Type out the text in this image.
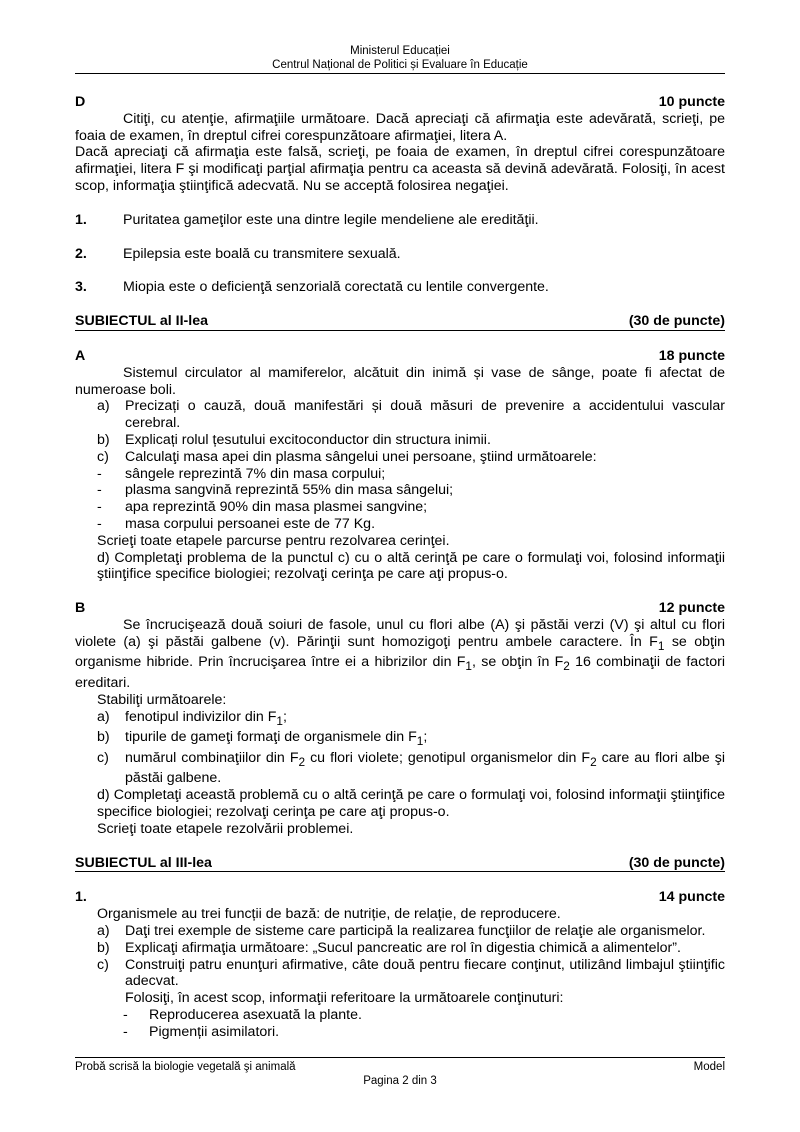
Ministerul Educației
Centrul Național de Politici și Evaluare în Educație
D	10 puncte

Citiţi, cu atenţie, afirmaţiile următoare. Dacă apreciaţi că afirmaţia este adevărată, scrieţi, pe foaia de examen, în dreptul cifrei corespunzătoare afirmaţiei, litera A.

Dacă apreciaţi că afirmaţia este falsă, scrieţi, pe foaia de examen, în dreptul cifrei corespunzătoare afirmaţiei, litera F şi modificaţi parţial afirmaţia pentru ca aceasta să devină adevărată. Folosiţi, în acest scop, informaţia ştiinţifică adecvată. Nu se acceptă folosirea negaţiei.

1.	Puritatea gameţilor este una dintre legile mendeliene ale eredităţii.
2.	Epilepsia este boală cu transmitere sexuală.
3.	Miopia este o deficienţă senzorială corectată cu lentile convergente.
SUBIECTUL al II-lea	(30 de puncte)
A	18 puncte

Sistemul circulator al mamiferelor, alcătuit din inimă și vase de sânge, poate fi afectat de numeroase boli.

a)	Precizați o cauză, două manifestări și două măsuri de prevenire a accidentului vascular cerebral.
b)	Explicați rolul țesutului excitoconductor din structura inimii.
c)	Calculaţi masa apei din plasma sângelui unei persoane, ştiind următoarele:
-	sângele reprezintă 7% din masa corpului;
-	plasma sangvină reprezintă 55% din masa sângelui;
-	apa reprezintă 90% din masa plasmei sangvine;
-	masa corpului persoanei este de 77 Kg.

Scrieţi toate etapele parcurse pentru rezolvarea cerinţei.

d) Completaţi problema de la punctul c) cu o altă cerinţă pe care o formulaţi voi, folosind informaţii ştiinţifice specifice biologiei; rezolvaţi cerinţa pe care aţi propus-o.

B	12 puncte

Se încrucişează două soiuri de fasole, unul cu flori albe (A) şi păstăi verzi (V) şi altul cu flori violete (a) şi păstăi galbene (v). Părinţii sunt homozigoţi pentru ambele caractere. În $F_1$ se obţin organisme hibride. Prin încrucişarea între ei a hibrizilor din $F_1$, se obţin în $F_2$ 16 combinaţii de factori ereditari.

Stabiliţi următoarele:

a)	fenotipul indivizilor din $F_1$;
b)	tipurile de gameţi formaţi de organismele din $F_1$;
c)	numărul combinaţiilor din $F_2$ cu flori violete; genotipul organismelor din $F_2$ care au flori albe şi păstăi galbene.

d) Completaţi această problemă cu o altă cerinţă pe care o formulaţi voi, folosind informaţii ştiinţifice specifice biologiei; rezolvaţi cerinţa pe care aţi propus-o.

Scrieţi toate etapele rezolvării problemei.

SUBIECTUL al III-lea	(30 de puncte)
1.	14 puncte

Organismele au trei funcții de bază: de nutriție, de relație, de reproducere.

a)	Daţi trei exemple de sisteme care participă la realizarea funcţiilor de relaţie ale organismelor.
b)	Explicaţi afirmaţia următoare: „Sucul pancreatic are rol în digestia chimică a alimentelor”.
c)	Construiţi patru enunţuri afirmative, câte două pentru fiecare conţinut, utilizând limbajul ştiinţific adecvat.

Folosiţi, în acest scop, informaţii referitoare la următoarele conţinuturi:

-	Reproducerea asexuată la plante.
-	Pigmenții asimilatori.
Probă scrisă la biologie vegetală şi animală	Model
Pagina 2 din 3
